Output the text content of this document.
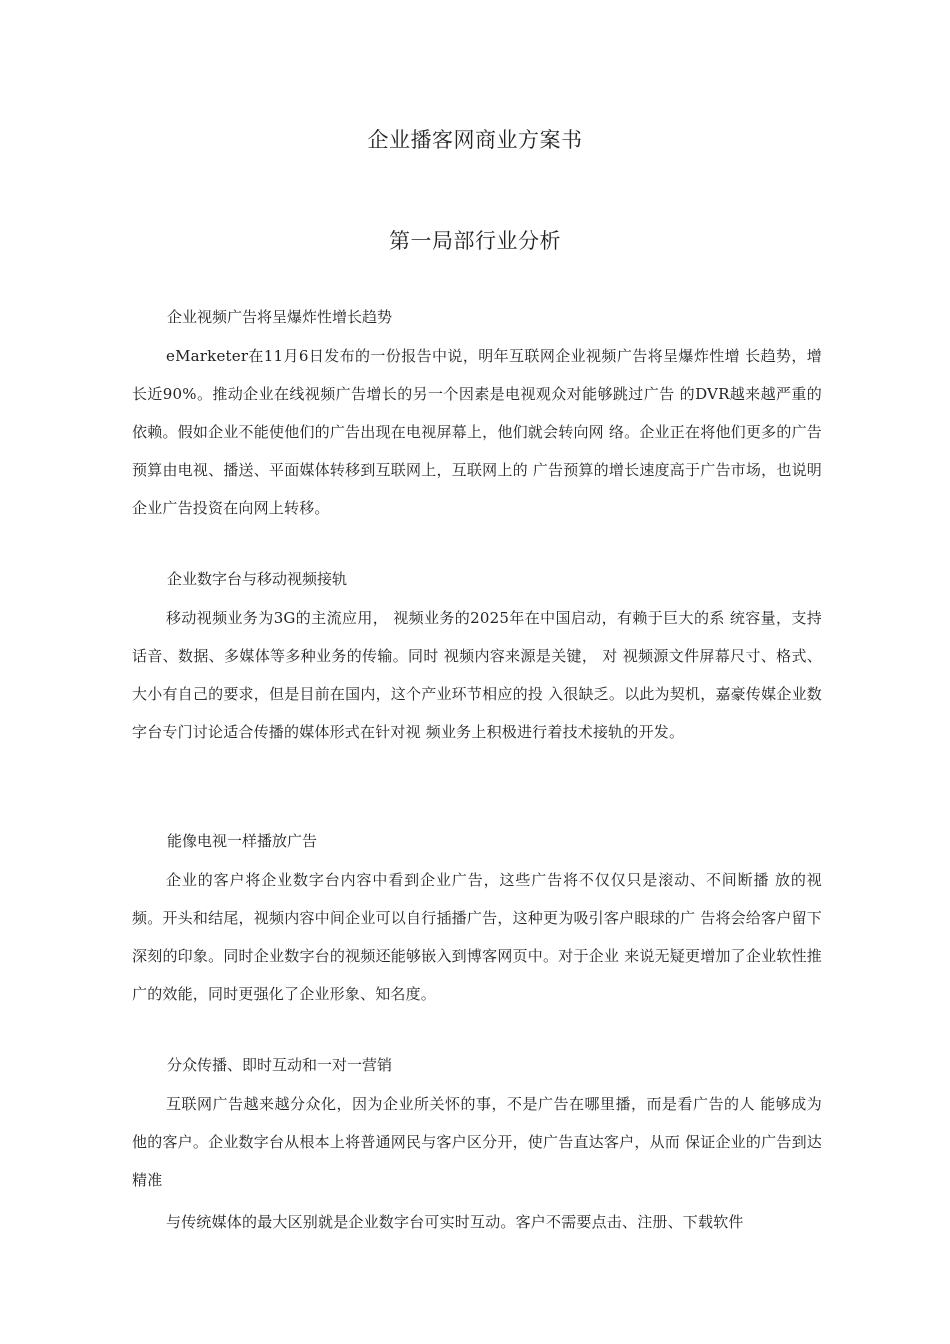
企业播客网商业方案书
第一局部行业分析

企业视频广告将呈爆炸性增长趋势

eMarketer在11月6日发布的一份报告中说，明年互联网企业视频广告将呈爆炸性增 长趋势，增长近90%。推动企业在线视频广告增长的另一个因素是电视观众对能够跳过广告 的DVR越来越严重的依赖。假如企业不能使他们的广告出现在电视屏幕上，他们就会转向网 络。企业正在将他们更多的广告预算由电视、播送、平面媒体转移到互联网上，互联网上的 广告预算的增长速度高于广告市场，也说明企业广告投资在向网上转移。

企业数字台与移动视频接轨

移动视频业务为3G的主流应用， 视频业务的2025年在中国启动，有赖于巨大的系 统容量，支持话音、数据、多媒体等多种业务的传输。同时 视频内容来源是关键， 对 视频源文件屏幕尺寸、格式、大小有自己的要求，但是目前在国内，这个产业环节相应的投 入很缺乏。以此为契机，嘉豪传媒企业数字台专门讨论适合传播的媒体形式在针对视 频业务上积极进行着技术接轨的开发。

能像电视一样播放广告

企业的客户将企业数字台内容中看到企业广告，这些广告将不仅仅只是滚动、不间断播 放的视频。开头和结尾，视频内容中间企业可以自行插播广告，这种更为吸引客户眼球的广 告将会给客户留下深刻的印象。同时企业数字台的视频还能够嵌入到博客网页中。对于企业 来说无疑更增加了企业软性推广的效能，同时更强化了企业形象、知名度。

分众传播、即时互动和一对一营销

互联网广告越来越分众化，因为企业所关怀的事，不是广告在哪里播，而是看广告的人 能够成为他的客户。企业数字台从根本上将普通网民与客户区分开，使广告直达客户，从而 保证企业的广告到达精准

与传统媒体的最大区别就是企业数字台可实时互动。客户不需要点击、注册、下载软件
